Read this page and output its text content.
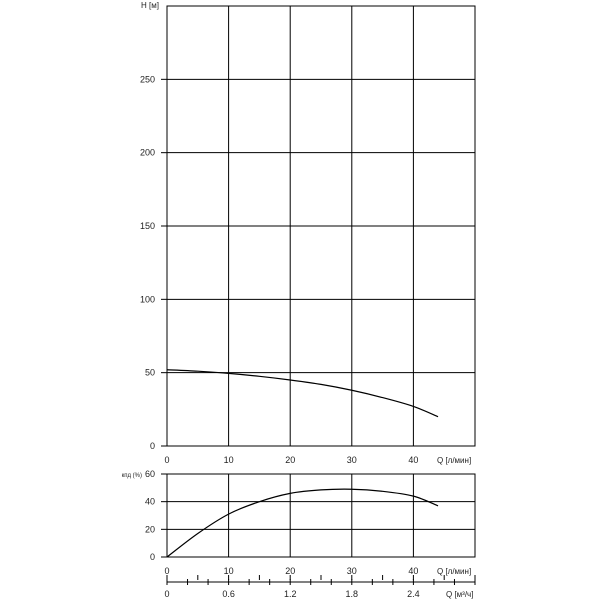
0
50
100
150
200
250
0	10	20	30	40
H [м]
Q [л/мин]
0
20
40
60
0	10	20	30	40
кпд (%)
Q [л/мин]
0	0.6	1.2	1.8	2.4	Q [м³/ч]
